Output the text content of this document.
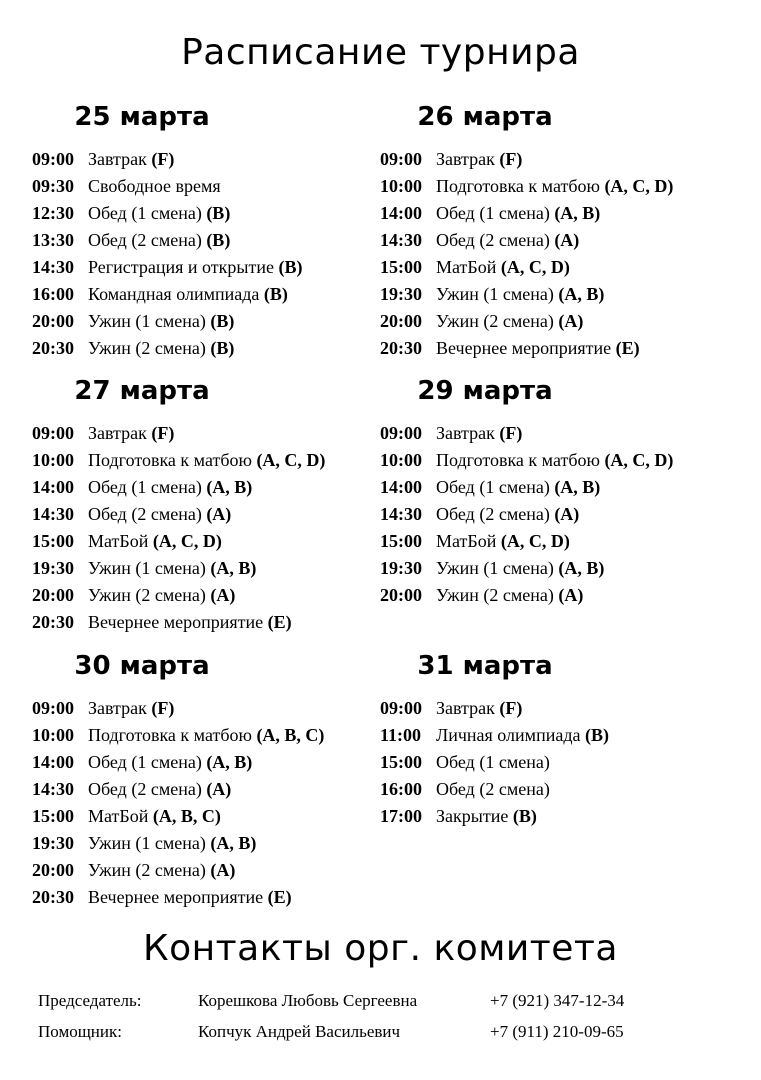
Расписание турнира
25 марта
09:00 Завтрак (F)
09:30 Свободное время
12:30 Обед (1 смена) (B)
13:30 Обед (2 смена) (B)
14:30 Регистрация и открытие (B)
16:00 Командная олимпиада (B)
20:00 Ужин (1 смена) (B)
20:30 Ужин (2 смена) (B)
26 марта
09:00 Завтрак (F)
10:00 Подготовка к матбою (A, C, D)
14:00 Обед (1 смена) (A, B)
14:30 Обед (2 смена) (A)
15:00 МатБой (A, C, D)
19:30 Ужин (1 смена) (A, B)
20:00 Ужин (2 смена) (A)
20:30 Вечернее мероприятие (E)
27 марта
09:00 Завтрак (F)
10:00 Подготовка к матбою (A, C, D)
14:00 Обед (1 смена) (A, B)
14:30 Обед (2 смена) (A)
15:00 МатБой (A, C, D)
19:30 Ужин (1 смена) (A, B)
20:00 Ужин (2 смена) (A)
20:30 Вечернее мероприятие (E)
29 марта
09:00 Завтрак (F)
10:00 Подготовка к матбою (A, C, D)
14:00 Обед (1 смена) (A, B)
14:30 Обед (2 смена) (A)
15:00 МатБой (A, C, D)
19:30 Ужин (1 смена) (A, B)
20:00 Ужин (2 смена) (A)
30 марта
09:00 Завтрак (F)
10:00 Подготовка к матбою (A, B, C)
14:00 Обед (1 смена) (A, B)
14:30 Обед (2 смена) (A)
15:00 МатБой (A, B, C)
19:30 Ужин (1 смена) (A, B)
20:00 Ужин (2 смена) (A)
20:30 Вечернее мероприятие (E)
31 марта
09:00 Завтрак (F)
11:00 Личная олимпиада (B)
15:00 Обед (1 смена)
16:00 Обед (2 смена)
17:00 Закрытие (B)
Контакты орг. комитета
Председатель:	Корешкова Любовь Сергеевна	+7 (921) 347-12-34
Помощник:	Копчук Андрей Васильевич	+7 (911) 210-09-65
